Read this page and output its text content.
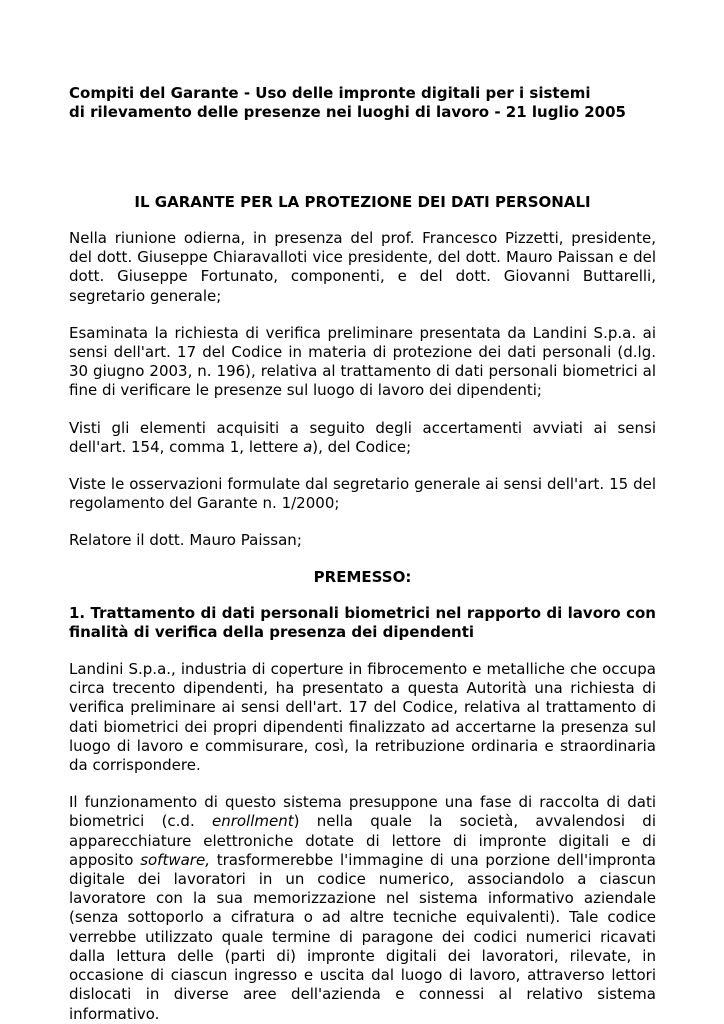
Compiti del Garante - Uso delle impronte digitali per i sistemi
di rilevamento delle presenze nei luoghi di lavoro - 21 luglio 2005

IL GARANTE PER LA PROTEZIONE DEI DATI PERSONALI

Nella riunione odierna, in presenza del prof. Francesco Pizzetti, presidente, del dott. Giuseppe Chiaravalloti vice presidente, del dott. Mauro Paissan e del dott. Giuseppe Fortunato, componenti, e del dott. Giovanni Buttarelli, segretario generale;

Esaminata la richiesta di verifica preliminare presentata da Landini S.p.a. ai sensi dell'art. 17 del Codice in materia di protezione dei dati personali (d.lg. 30 giugno 2003, n. 196), relativa al trattamento di dati personali biometrici al fine di verificare le presenze sul luogo di lavoro dei dipendenti;

Visti gli elementi acquisiti a seguito degli accertamenti avviati ai sensi dell'art. 154, comma 1, lettere a), del Codice;

Viste le osservazioni formulate dal segretario generale ai sensi dell'art. 15 del regolamento del Garante n. 1/2000;

Relatore il dott. Mauro Paissan;

PREMESSO:

1. Trattamento di dati personali biometrici nel rapporto di lavoro con finalità di verifica della presenza dei dipendenti

Landini S.p.a., industria di coperture in fibrocemento e metalliche che occupa circa trecento dipendenti, ha presentato a questa Autorità una richiesta di verifica preliminare ai sensi dell'art. 17 del Codice, relativa al trattamento di dati biometrici dei propri dipendenti finalizzato ad accertarne la presenza sul luogo di lavoro e commisurare, così, la retribuzione ordinaria e straordinaria da corrispondere.

Il funzionamento di questo sistema presuppone una fase di raccolta di dati biometrici (c.d. enrollment) nella quale la società, avvalendosi di apparecchiature elettroniche dotate di lettore di impronte digitali e di apposito software, trasformerebbe l'immagine di una porzione dell'impronta digitale dei lavoratori in un codice numerico, associandolo a ciascun lavoratore con la sua memorizzazione nel sistema informativo aziendale (senza sottoporlo a cifratura o ad altre tecniche equivalenti). Tale codice verrebbe utilizzato quale termine di paragone dei codici numerici ricavati dalla lettura delle (parti di) impronte digitali dei lavoratori, rilevate, in occasione di ciascun ingresso e uscita dal luogo di lavoro, attraverso lettori dislocati in diverse aree dell'azienda e connessi al relativo sistema informativo.
